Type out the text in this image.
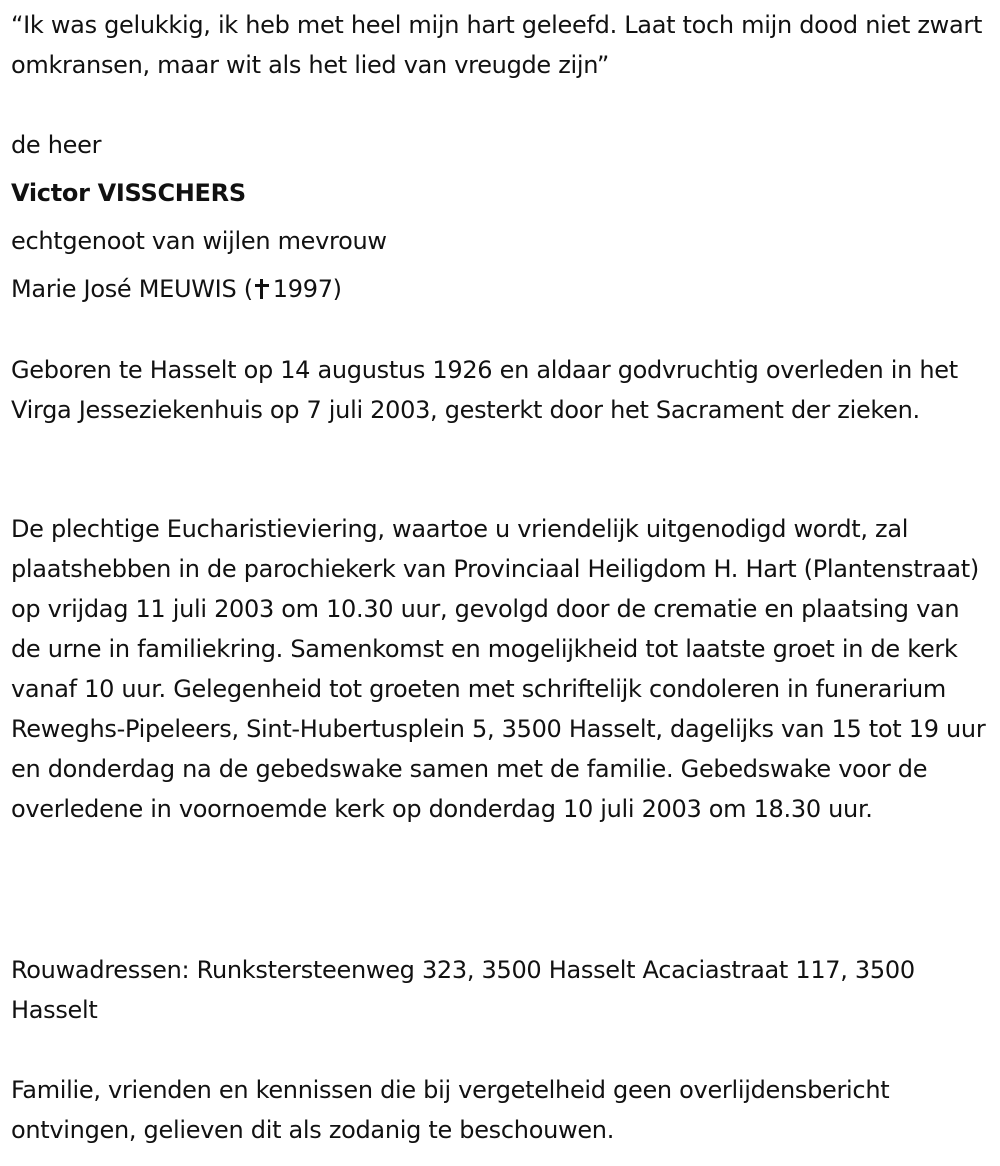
“Ik was gelukkig, ik heb met heel mijn hart geleefd. Laat toch mijn dood niet zwart omkransen, maar wit als het lied van vreugde zijn”

de heer

Victor VISSCHERS

echtgenoot van wijlen mevrouw

Marie José MEUWIS ( 1997)

Geboren te Hasselt op 14 augustus 1926 en aldaar godvruchtig overleden in het Virga Jesseziekenhuis op 7 juli 2003, gesterkt door het Sacrament der zieken.

De plechtige Eucharistieviering, waartoe u vriendelijk uitgenodigd wordt, zal plaatshebben in de parochiekerk van Provinciaal Heiligdom H. Hart (Plantenstraat) op vrijdag 11 juli 2003 om 10.30 uur, gevolgd door de crematie en plaatsing van de urne in familiekring. Samenkomst en mogelijkheid tot laatste groet in de kerk vanaf 10 uur. Gelegenheid tot groeten met schriftelijk condoleren in funerarium Reweghs-Pipeleers, Sint-Hubertusplein 5, 3500 Hasselt, dagelijks van 15 tot 19 uur en donderdag na de gebedswake samen met de familie. Gebedswake voor de overledene in voornoemde kerk op donderdag 10 juli 2003 om 18.30 uur.

Rouwadressen: Runkstersteenweg 323, 3500 Hasselt Acaciastraat 117, 3500 Hasselt

Familie, vrienden en kennissen die bij vergetelheid geen overlijdensbericht ontvingen, gelieven dit als zodanig te beschouwen.
